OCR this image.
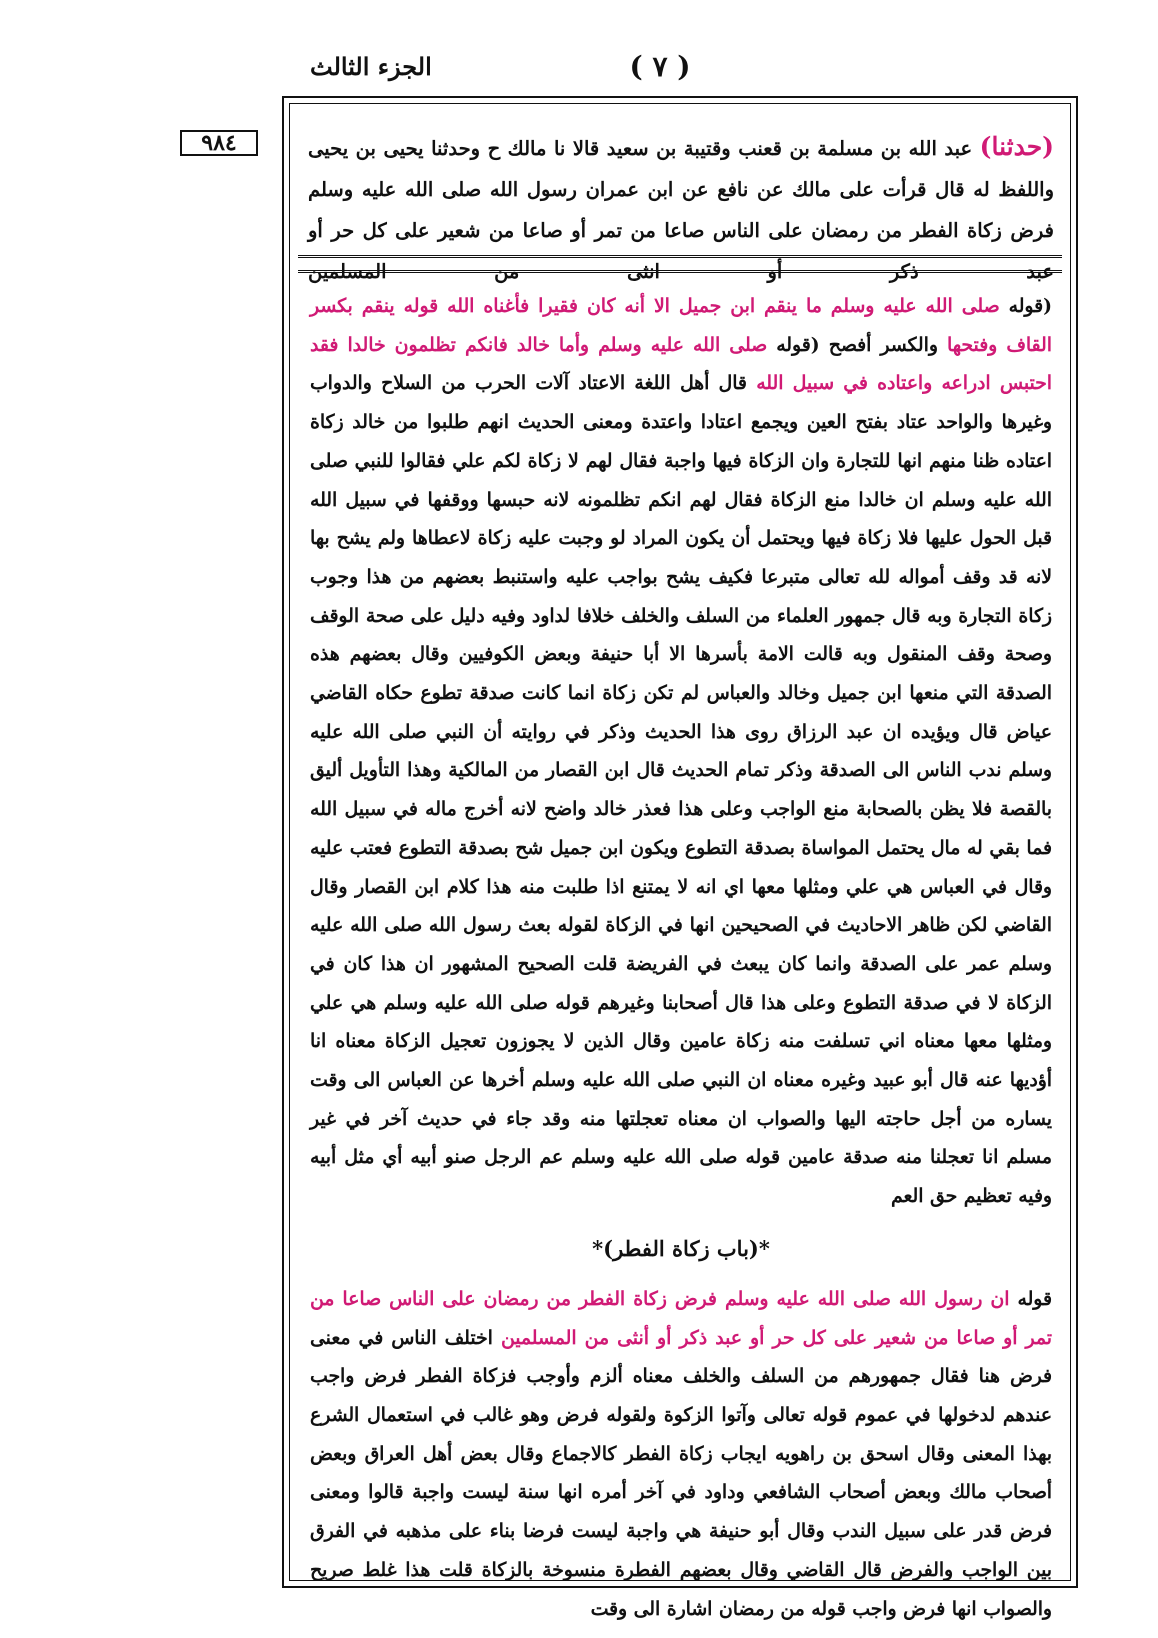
( ٧ )
الجزء الثالث
٩٨٤	(حدثنا) عبد الله بن مسلمة بن قعنب وقتيبة بن سعيد قالا نا مالك ح وحدثنا يحيى بن يحيى واللفظ له قال قرأت على مالك عن نافع عن ابن عمران رسول الله صلى الله عليه وسلم فرض زكاة الفطر من رمضان على الناس صاعا من تمر أو صاعا من شعير على كل حر أو عبد ذكر أو انثى من المسلمين

(قوله صلى الله عليه وسلم ما ينقم ابن جميل الا أنه كان فقيرا فأغناه الله قوله ينقم بكسر القاف وفتحها والكسر أفصح (قوله صلى الله عليه وسلم وأما خالد فانكم تظلمون خالدا فقد احتبس ادراعه واعتاده في سبيل الله قال أهل اللغة الاعتاد آلات الحرب من السلاح والدواب وغيرها والواحد عتاد بفتح العين ويجمع اعتادا واعتدة ومعنى الحديث انهم طلبوا من خالد زكاة اعتاده ظنا منهم انها للتجارة وان الزكاة فيها واجبة فقال لهم لا زكاة لكم علي فقالوا للنبي صلى الله عليه وسلم ان خالدا منع الزكاة فقال لهم انكم تظلمونه لانه حبسها ووقفها في سبيل الله قبل الحول عليها فلا زكاة فيها ويحتمل أن يكون المراد لو وجبت عليه زكاة لاعطاها ولم يشح بها لانه قد وقف أمواله لله تعالى متبرعا فكيف يشح بواجب عليه واستنبط بعضهم من هذا وجوب زكاة التجارة وبه قال جمهور العلماء من السلف والخلف خلافا لداود وفيه دليل على صحة الوقف وصحة وقف المنقول وبه قالت الامة بأسرها الا أبا حنيفة وبعض الكوفيين وقال بعضهم هذه الصدقة التي منعها ابن جميل وخالد والعباس لم تكن زكاة انما كانت صدقة تطوع حكاه القاضي عياض قال ويؤيده ان عبد الرزاق روى هذا الحديث وذكر في روايته أن النبي صلى الله عليه وسلم ندب الناس الى الصدقة وذكر تمام الحديث قال ابن القصار من المالكية وهذا التأويل أليق بالقصة فلا يظن بالصحابة منع الواجب وعلى هذا فعذر خالد واضح لانه أخرج ماله في سبيل الله فما بقي له مال يحتمل المواساة بصدقة التطوع ويكون ابن جميل شح بصدقة التطوع فعتب عليه وقال في العباس هي علي ومثلها معها اي انه لا يمتنع اذا طلبت منه هذا كلام ابن القصار وقال القاضي لكن ظاهر الاحاديث في الصحيحين انها في الزكاة لقوله بعث رسول الله صلى الله عليه وسلم عمر على الصدقة وانما كان يبعث في الفريضة قلت الصحيح المشهور ان هذا كان في الزكاة لا في صدقة التطوع وعلى هذا قال أصحابنا وغيرهم قوله صلى الله عليه وسلم هي علي ومثلها معها معناه اني تسلفت منه زكاة عامين وقال الذين لا يجوزون تعجيل الزكاة معناه انا أؤديها عنه قال أبو عبيد وغيره معناه ان النبي صلى الله عليه وسلم أخرها عن العباس الى وقت يساره من أجل حاجته اليها والصواب ان معناه تعجلتها منه وقد جاء في حديث آخر في غير مسلم انا تعجلنا منه صدقة عامين قوله صلى الله عليه وسلم عم الرجل صنو أبيه أي مثل أبيه وفيه تعظيم حق العم

*(باب زكاة الفطر)*

قوله ان رسول الله صلى الله عليه وسلم فرض زكاة الفطر من رمضان على الناس صاعا من تمر أو صاعا من شعير على كل حر أو عبد ذكر أو أنثى من المسلمين اختلف الناس في معنى فرض هنا فقال جمهورهم من السلف والخلف معناه ألزم وأوجب فزكاة الفطر فرض واجب عندهم لدخولها في عموم قوله تعالى وآتوا الزكوة ولقوله فرض وهو غالب في استعمال الشرع بهذا المعنى وقال اسحق بن راهويه ايجاب زكاة الفطر كالاجماع وقال بعض أهل العراق وبعض أصحاب مالك وبعض أصحاب الشافعي وداود في آخر أمره انها سنة ليست واجبة قالوا ومعنى فرض قدر على سبيل الندب وقال أبو حنيفة هي واجبة ليست فرضا بناء على مذهبه في الفرق بين الواجب والفرض قال القاضي وقال بعضهم الفطرة منسوخة بالزكاة قلت هذا غلط صريح والصواب انها فرض واجب قوله من رمضان اشارة الى وقت
